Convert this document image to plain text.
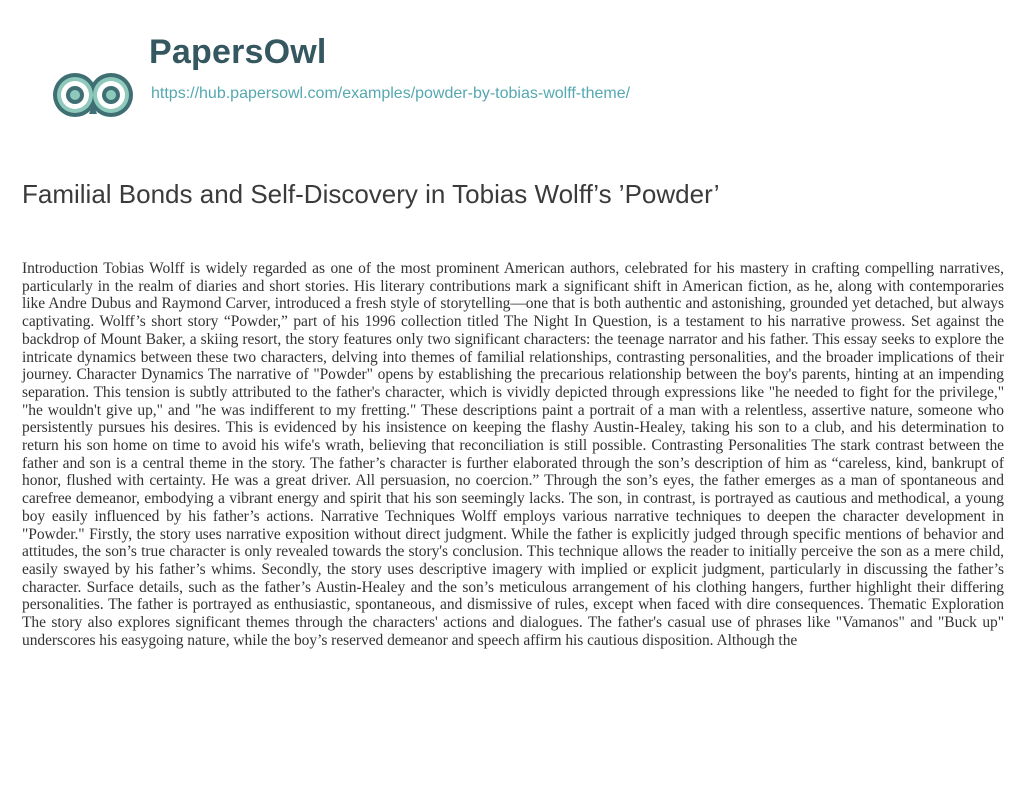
PapersOwl
https://hub.papersowl.com/examples/powder-by-tobias-wolff-theme/
Familial Bonds and Self-Discovery in Tobias Wolff’s ’Powder’

Introduction Tobias Wolff is widely regarded as one of the most prominent American authors, celebrated for his mastery in crafting compelling narratives, particularly in the realm of diaries and short stories. His literary contributions mark a significant shift in American fiction, as he, along with contemporaries like Andre Dubus and Raymond Carver, introduced a fresh style of storytelling—one that is both authentic and astonishing, grounded yet detached, but always captivating. Wolff’s short story “Powder,” part of his 1996 collection titled The Night In Question, is a testament to his narrative prowess. Set against the backdrop of Mount Baker, a skiing resort, the story features only two significant characters: the teenage narrator and his father. This essay seeks to explore the intricate dynamics between these two characters, delving into themes of familial relationships, contrasting personalities, and the broader implications of their journey. Character Dynamics The narrative of "Powder" opens by establishing the precarious relationship between the boy's parents, hinting at an impending separation. This tension is subtly attributed to the father's character, which is vividly depicted through expressions like "he needed to fight for the privilege," "he wouldn't give up," and "he was indifferent to my fretting." These descriptions paint a portrait of a man with a relentless, assertive nature, someone who persistently pursues his desires. This is evidenced by his insistence on keeping the flashy Austin-Healey, taking his son to a club, and his determination to return his son home on time to avoid his wife's wrath, believing that reconciliation is still possible. Contrasting Personalities The stark contrast between the father and son is a central theme in the story. The father’s character is further elaborated through the son’s description of him as “careless, kind, bankrupt of honor, flushed with certainty. He was a great driver. All persuasion, no coercion.” Through the son’s eyes, the father emerges as a man of spontaneous and carefree demeanor, embodying a vibrant energy and spirit that his son seemingly lacks. The son, in contrast, is portrayed as cautious and methodical, a young boy easily influenced by his father’s actions. Narrative Techniques Wolff employs various narrative techniques to deepen the character development in "Powder." Firstly, the story uses narrative exposition without direct judgment. While the father is explicitly judged through specific mentions of behavior and attitudes, the son’s true character is only revealed towards the story's conclusion. This technique allows the reader to initially perceive the son as a mere child, easily swayed by his father’s whims. Secondly, the story uses descriptive imagery with implied or explicit judgment, particularly in discussing the father’s character. Surface details, such as the father’s Austin-Healey and the son’s meticulous arrangement of his clothing hangers, further highlight their differing personalities. The father is portrayed as enthusiastic, spontaneous, and dismissive of rules, except when faced with dire consequences. Thematic Exploration The story also explores significant themes through the characters' actions and dialogues. The father's casual use of phrases like "Vamanos" and "Buck up" underscores his easygoing nature, while the boy’s reserved demeanor and speech affirm his cautious disposition. Although the
